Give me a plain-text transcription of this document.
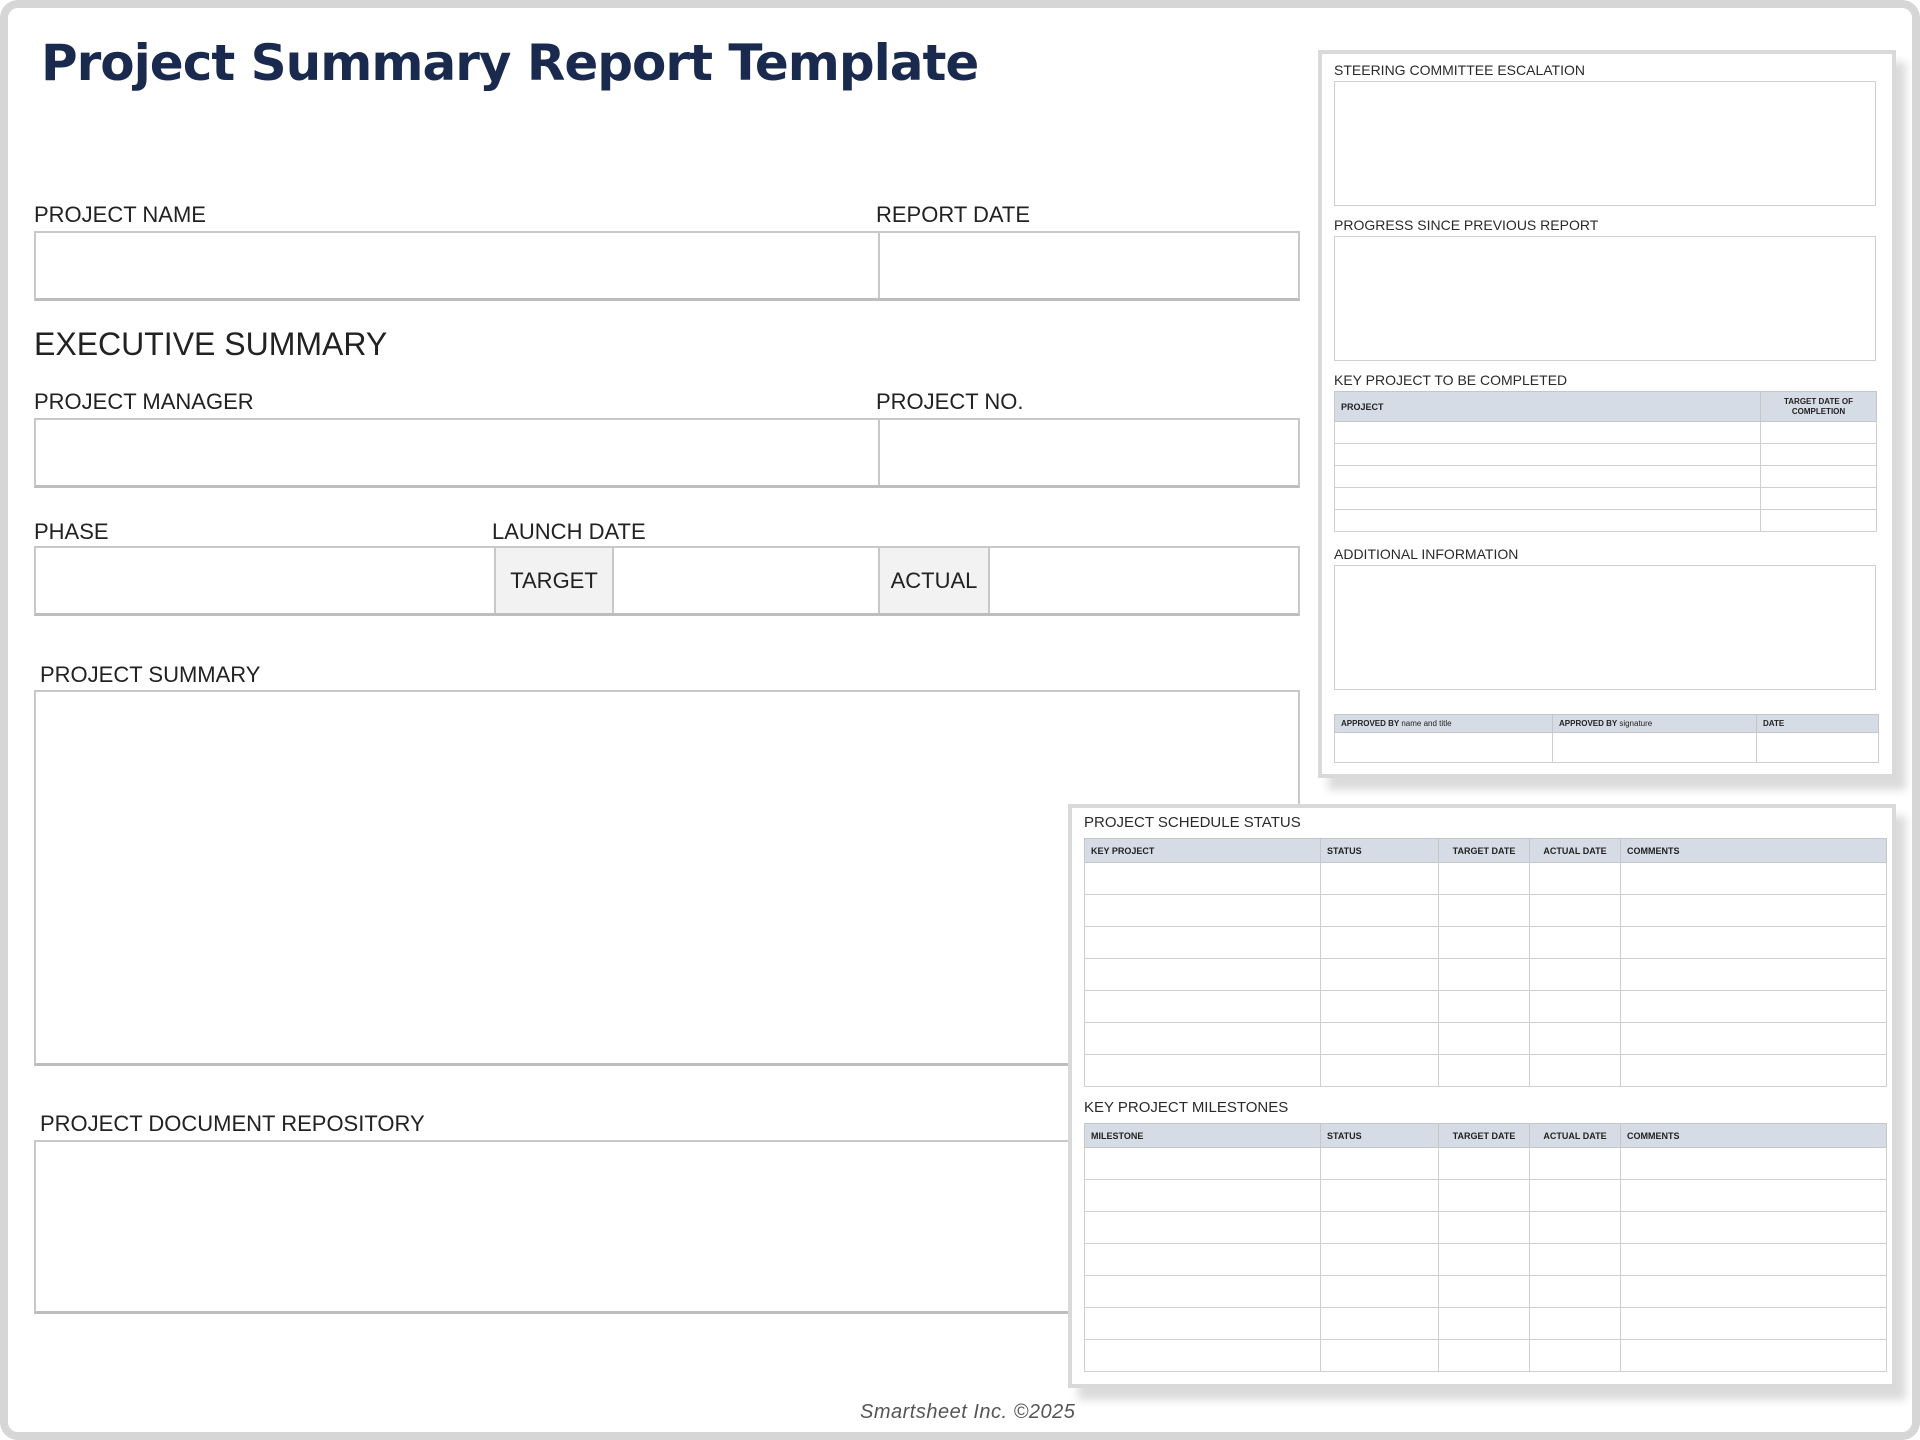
Project Summary Report Template
PROJECT NAME	REPORT DATE
EXECUTIVE SUMMARY
PROJECT MANAGER	PROJECT NO.
PHASE	LAUNCH DATE
TARGET	ACTUAL
PROJECT SUMMARY
PROJECT DOCUMENT REPOSITORY
STEERING COMMITTEE ESCALATION
PROGRESS SINCE PREVIOUS REPORT
KEY PROJECT TO BE COMPLETED
PROJECT	TARGET DATE OF COMPLETION

ADDITIONAL INFORMATION
APPROVED BY name and title	APPROVED BY signature	DATE

PROJECT SCHEDULE STATUS
KEY PROJECT	STATUS	TARGET DATE	ACTUAL DATE	COMMENTS

KEY PROJECT MILESTONES
MILESTONE	STATUS	TARGET DATE	ACTUAL DATE	COMMENTS

Smartsheet Inc. ©2025
